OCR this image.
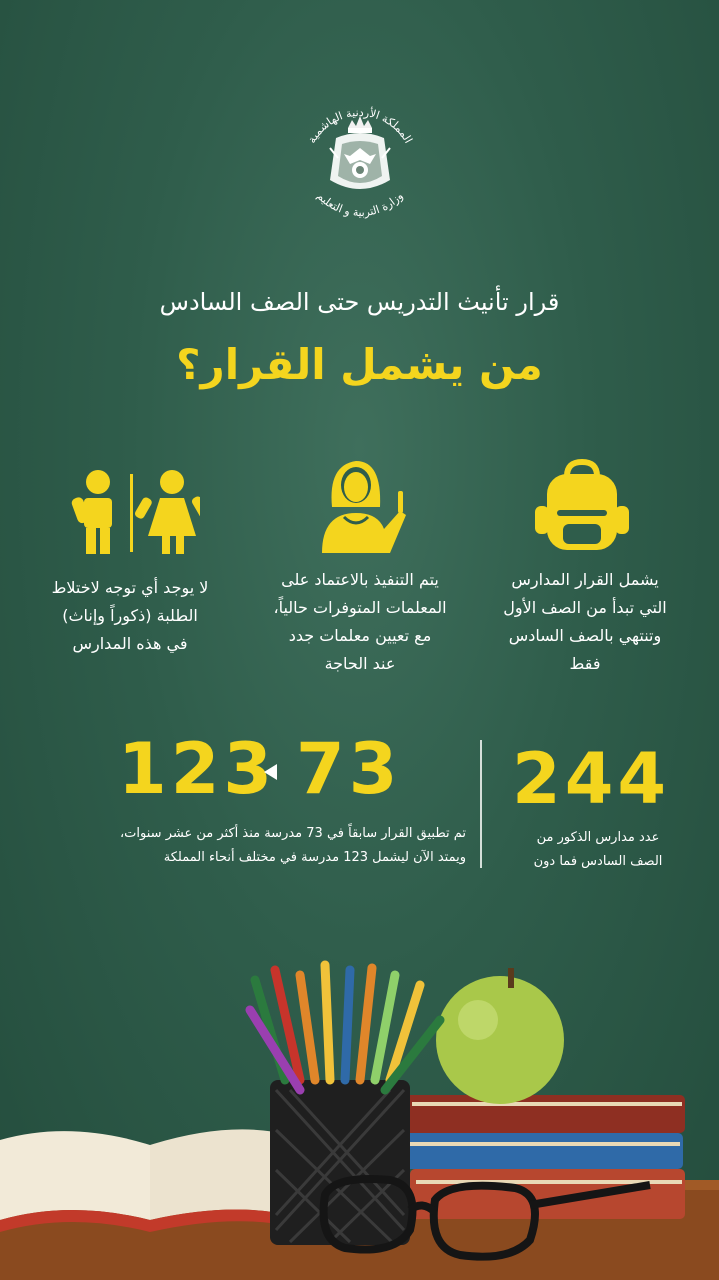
المملكة الأردنية الهاشمية
وزارة التربية و التعليم
قرار تأنيث التدريس حتى الصف السادس
من يشمل القرار؟
يشمل القرار المدارس
التي تبدأ من الصف الأول
وتنتهي بالصف السادس
فقط
يتم التنفيذ بالاعتماد على
المعلمات المتوفرات حالياً،
مع تعيين معلمات جدد
عند الحاجة
لا يوجد أي توجه لاختلاط
الطلبة (ذكوراً وإناث)
في هذه المدارس
123 73 244
تم تطبيق القرار سابقاً في 73 مدرسة منذ أكثر من عشر سنوات،
ويمتد الآن ليشمل 123 مدرسة في مختلف أنحاء المملكة
عدد مدارس الذكور من
الصف السادس فما دون
